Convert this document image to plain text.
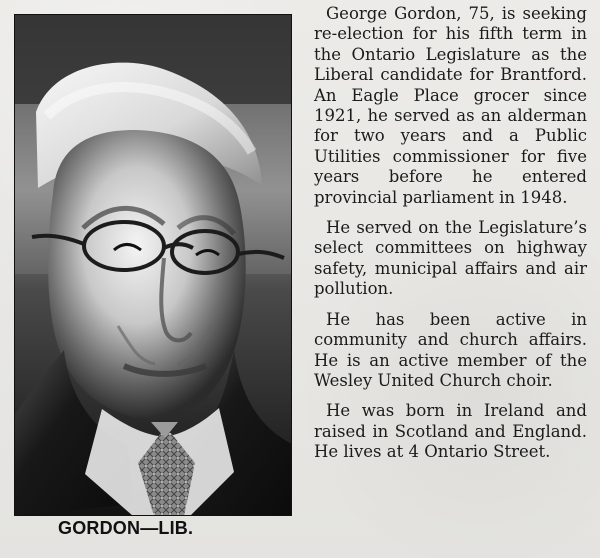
GORDON—LIB.

George Gordon, 75, is seeking re-election for his fifth term in the Ontario Legislature as the Liberal candidate for Brantford. An Eagle Place grocer since 1921, he served as an alderman for two years and a Public Utilities commissioner for five years before he entered provincial parliament in 1948.

He served on the Legislature’s select committees on highway safety, municipal affairs and air pollution.

He has been active in community and church affairs. He is an active member of the Wesley United Church choir.

He was born in Ireland and raised in Scotland and England. He lives at 4 Ontario Street.
